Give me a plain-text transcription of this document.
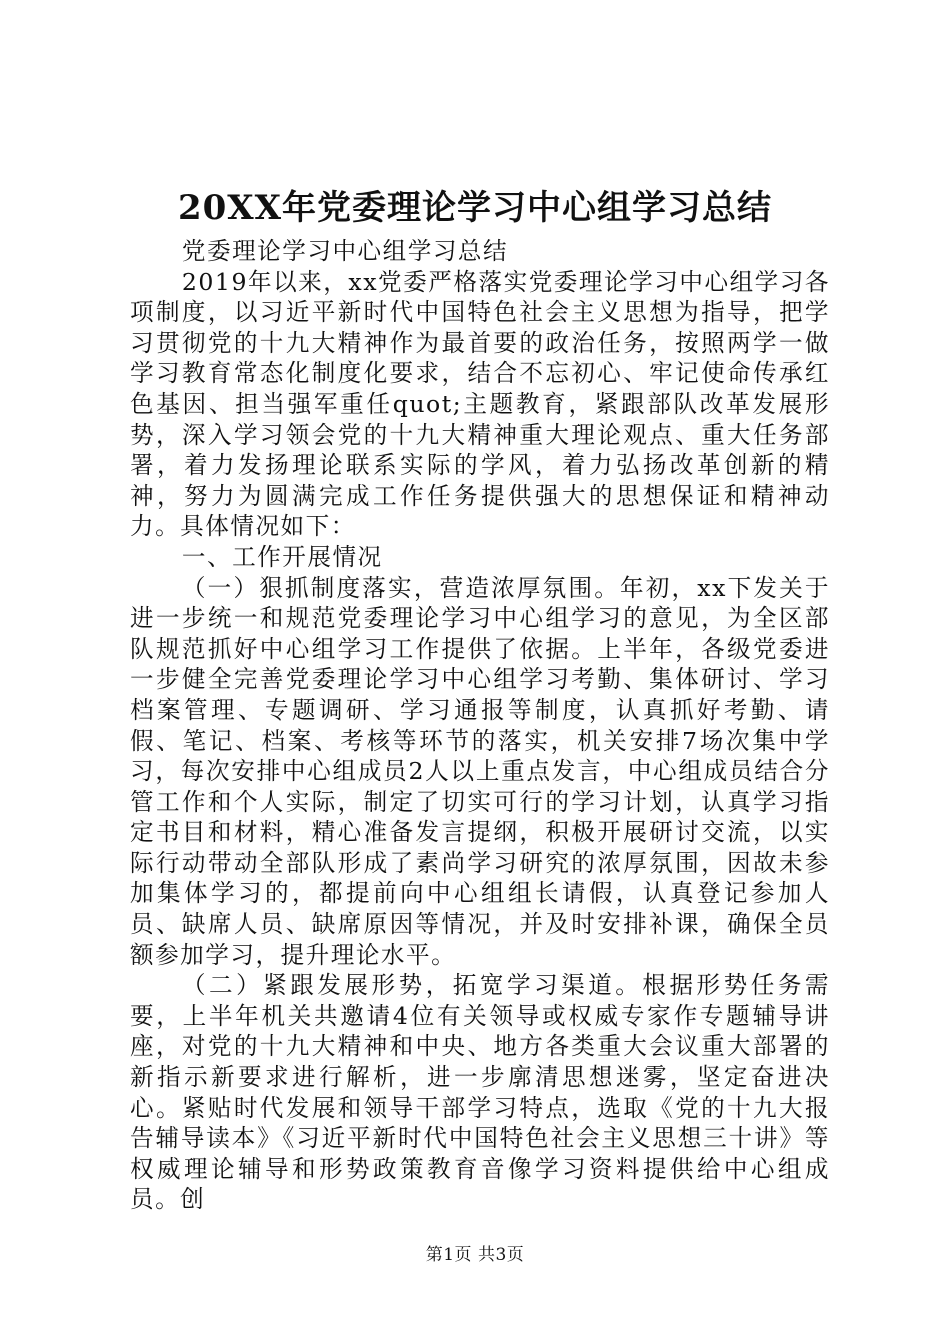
20XX年党委理论学习中心组学习总结

党委理论学习中心组学习总结

2019年以来，xx党委严格落实党委理论学习中心组学习各项制度，以习近平新时代中国特色社会主义思想为指导，把学习贯彻党的十九大精神作为最首要的政治任务，按照两学一做学习教育常态化制度化要求，结合不忘初心、牢记使命传承红色基因、担当强军重任quot;主题教育，紧跟部队改革发展形势，深入学习领会党的十九大精神重大理论观点、重大任务部署，着力发扬理论联系实际的学风，着力弘扬改革创新的精神，努力为圆满完成工作任务提供强大的思想保证和精神动力。具体情况如下：

一、工作开展情况

（一）狠抓制度落实，营造浓厚氛围。年初，xx下发关于进一步统一和规范党委理论学习中心组学习的意见，为全区部队规范抓好中心组学习工作提供了依据。上半年，各级党委进一步健全完善党委理论学习中心组学习考勤、集体研讨、学习档案管理、专题调研、学习通报等制度，认真抓好考勤、请假、笔记、档案、考核等环节的落实，机关安排7场次集中学习，每次安排中心组成员2人以上重点发言，中心组成员结合分管工作和个人实际，制定了切实可行的学习计划，认真学习指定书目和材料，精心准备发言提纲，积极开展研讨交流，以实际行动带动全部队形成了素尚学习研究的浓厚氛围，因故未参加集体学习的，都提前向中心组组长请假，认真登记参加人员、缺席人员、缺席原因等情况，并及时安排补课，确保全员额参加学习，提升理论水平。

（二）紧跟发展形势，拓宽学习渠道。根据形势任务需要，上半年机关共邀请4位有关领导或权威专家作专题辅导讲座，对党的十九大精神和中央、地方各类重大会议重大部署的新指示新要求进行解析，进一步廓清思想迷雾，坚定奋进决心。紧贴时代发展和领导干部学习特点，选取《党的十九大报告辅导读本》《习近平新时代中国特色社会主义思想三十讲》等权威理论辅导和形势政策教育音像学习资料提供给中心组成员。创

第1页 共3页
